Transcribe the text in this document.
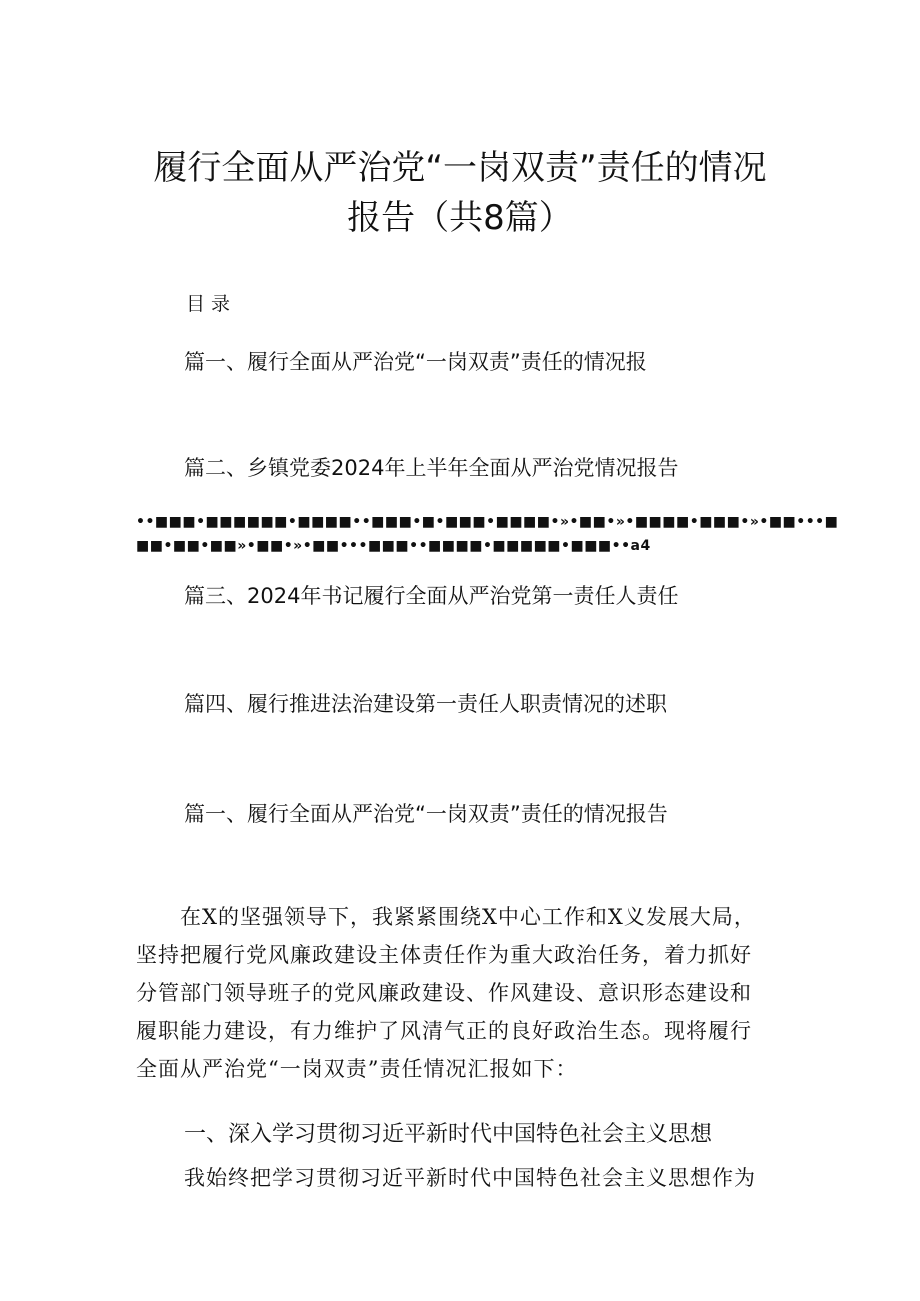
履行全面从严治党“一岗双责”责任的情况
报告（共8篇）
目录
篇一、履行全面从严治党“一岗双责”责任的情况报
篇二、乡镇党委2024年上半年全面从严治党情况报告
••■■■•■■■■■■•■■■■••■■■•■•■■■•■■■■•»•■■•»•■■■■•■■■•»•■■•••■
■■•■■•■■»•■■•»•■■•••■■■••■■■■•■■■■■•■■■••a4
篇三、2024年书记履行全面从严治党第一责任人责任
篇四、履行推进法治建设第一责任人职责情况的述职
篇一、履行全面从严治党“一岗双责”责任的情况报告
　　在X的坚强领导下，我紧紧围绕X中心工作和X义发展大局，
坚持把履行党风廉政建设主体责任作为重大政治任务，着力抓好
分管部门领导班子的党风廉政建设、作风建设、意识形态建设和
履职能力建设，有力维护了风清气正的良好政治生态。现将履行
全面从严治党“一岗双责”责任情况汇报如下：
一、深入学习贯彻习近平新时代中国特色社会主义思想
我始终把学习贯彻习近平新时代中国特色社会主义思想作为
